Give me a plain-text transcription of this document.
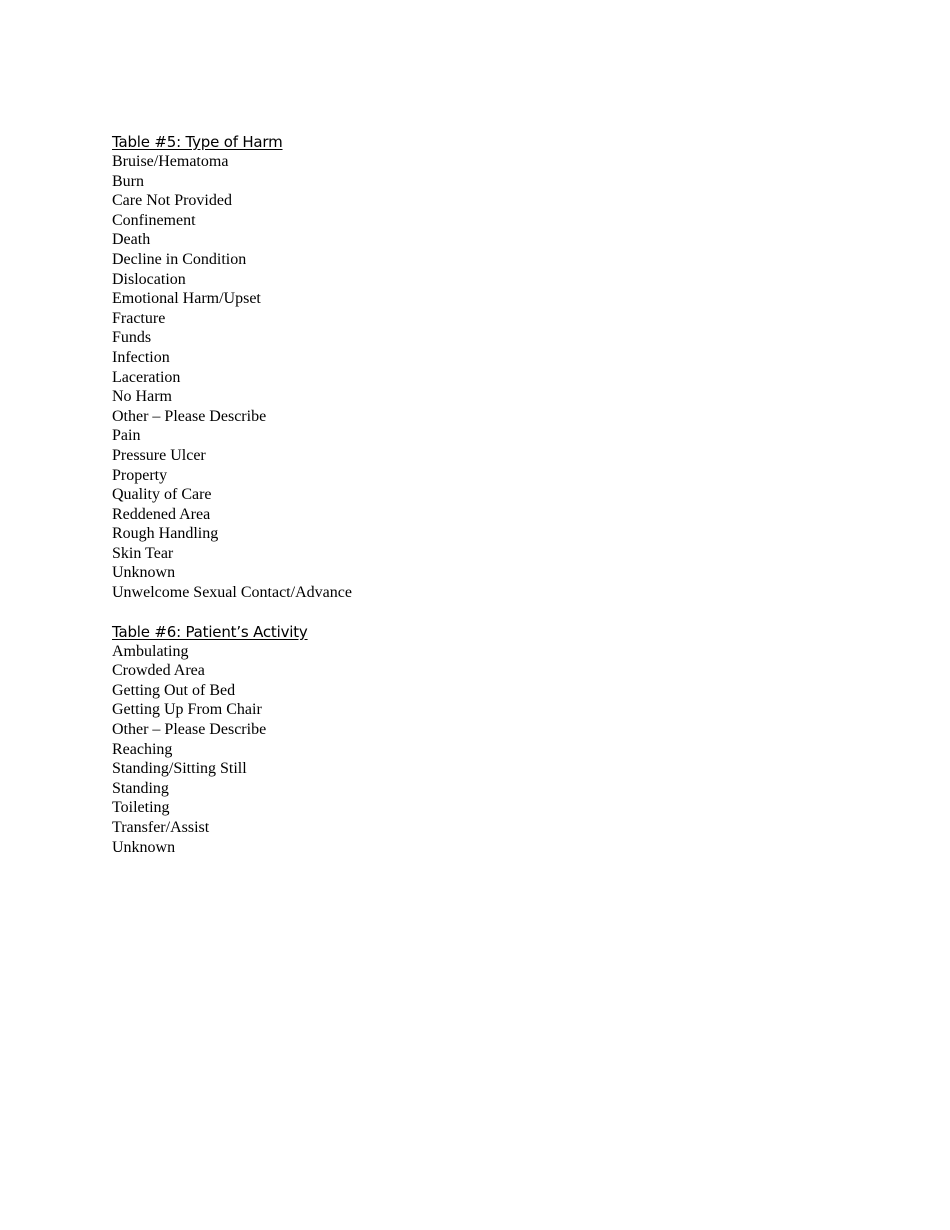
Table #5: Type of Harm
Bruise/Hematoma
Burn
Care Not Provided
Confinement
Death
Decline in Condition
Dislocation
Emotional Harm/Upset
Fracture
Funds
Infection
Laceration
No Harm
Other – Please Describe
Pain
Pressure Ulcer
Property
Quality of Care
Reddened Area
Rough Handling
Skin Tear
Unknown
Unwelcome Sexual Contact/Advance
Table #6: Patient’s Activity
Ambulating
Crowded Area
Getting Out of Bed
Getting Up From Chair
Other – Please Describe
Reaching
Standing/Sitting Still
Standing
Toileting
Transfer/Assist
Unknown
